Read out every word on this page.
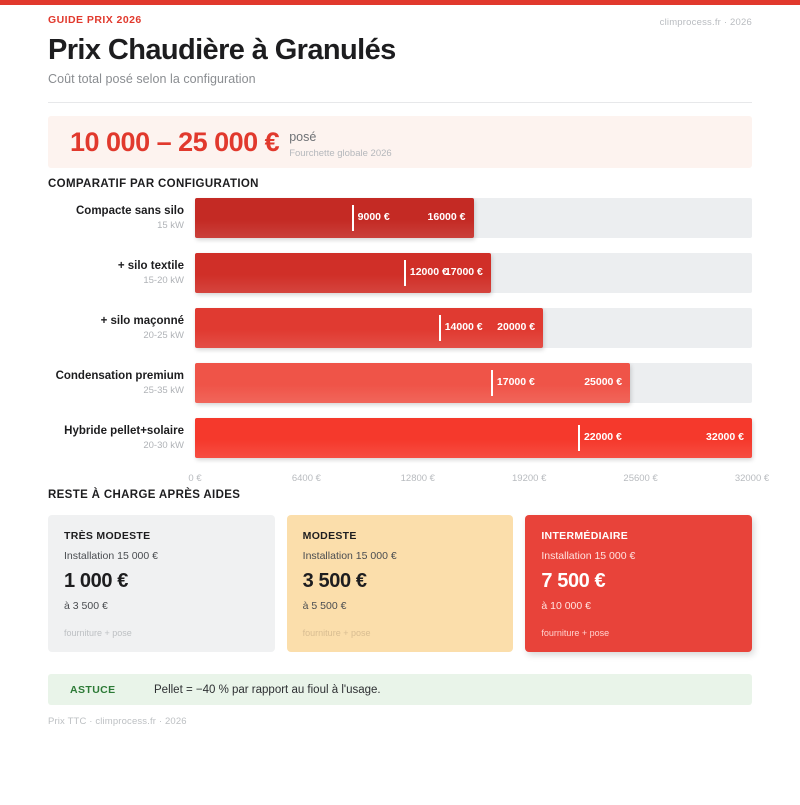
GUIDE PRIX 2026	climprocess.fr · 2026
Prix Chaudière à Granulés

Coût total posé selon la configuration

10 000 – 25 000 € posé
Fourchette globale 2026
COMPARATIF PAR CONFIGURATION
Compacte sans silo
15 kW
9000 €	16000 €
+ silo textile
15-20 kW
12000 €
17000 €
+ silo maçonné
20-25 kW
14000 € 20000 €
Condensation premium
25-35 kW
17000 €	25000 €
Hybride pellet+solaire
20-30 kW
22000 €	32000 €
0 €	6400 €	12800 €	19200 €	25600 €	32000 €
RESTE À CHARGE APRÈS AIDES
TRÈS MODESTE
Installation 15 000 €
1 000 €
à 3 500 €
fourniture + pose
MODESTE
Installation 15 000 €
3 500 €
à 5 500 €
fourniture + pose
INTERMÉDIAIRE
Installation 15 000 €
7 500 €
à 10 000 €
fourniture + pose
ASTUCE	Pellet = −40 % par rapport au fioul à l'usage.
Prix TTC · climprocess.fr · 2026
